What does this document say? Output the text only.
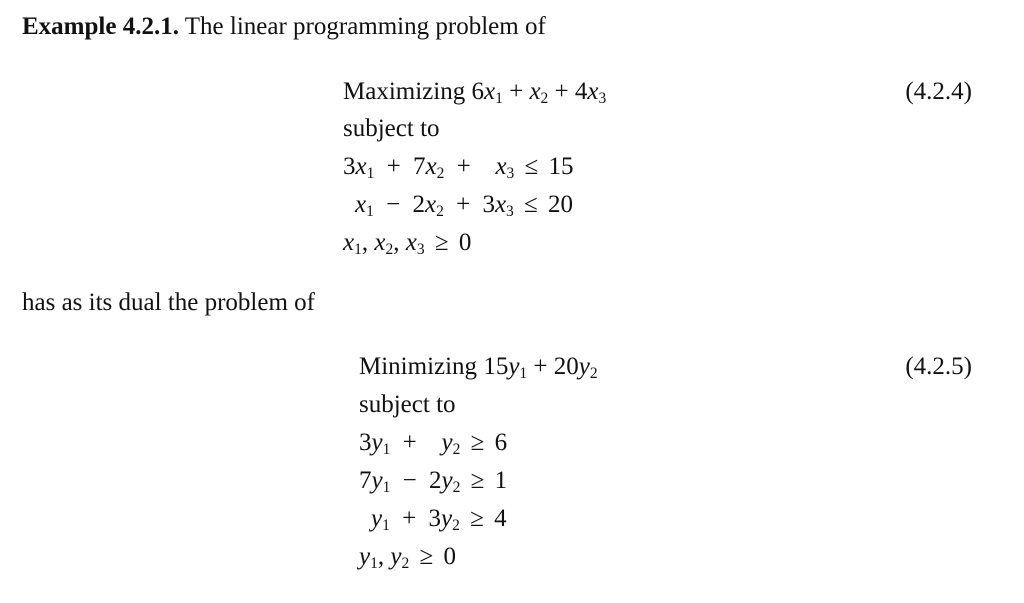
Example 4.2.1. The linear programming problem of
Maximizing $6x_1 + x_2 + 4x_3$	(4.2.4)
subject to
$3x_1 + 7x_2 + x_3 \le 15$
$x_1 - 2x_2 + 3x_3 \le 20$
$x_1$, $x_2$, $x_3 \ge 0$
has as its dual the problem of
Minimizing $15y_1 + 20y_2$	(4.2.5)
subject to
$3y_1 + y_2 \ge 6$
$7y_1 - 2y_2 \ge 1$
$y_1 + 3y_2 \ge 4$
$y_1$, $y_2 \ge 0$
